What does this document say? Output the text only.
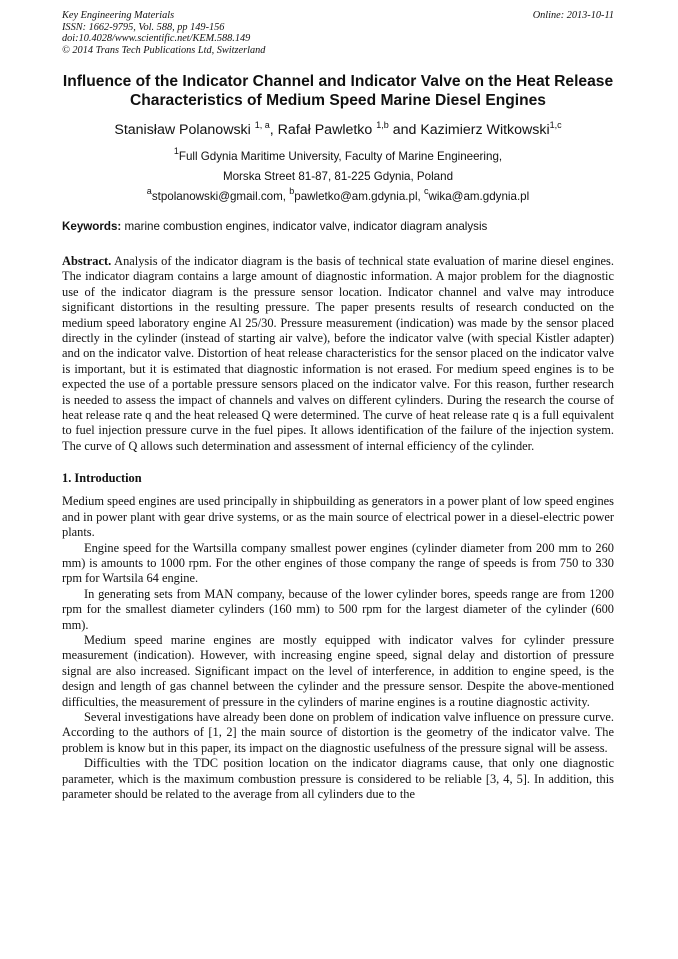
Key Engineering Materials
ISSN: 1662-9795, Vol. 588, pp 149-156
doi:10.4028/www.scientific.net/KEM.588.149
© 2014 Trans Tech Publications Ltd, Switzerland
Online: 2013-10-11
Influence of the Indicator Channel and Indicator Valve on the Heat Release Characteristics of Medium Speed Marine Diesel Engines
Stanisław Polanowski $^{1, a}$, Rafał Pawletko $^{1,b}$ and Kazimierz Witkowski$^{1,c}$
$^1$Full Gdynia Maritime University, Faculty of Marine Engineering,
Morska Street 81-87, 81-225 Gdynia, Poland
$^a$stpolanowski@gmail.com, $^b$pawletko@am.gdynia.pl, $^c$wika@am.gdynia.pl
Keywords: marine combustion engines, indicator valve, indicator diagram analysis
Abstract. Analysis of the indicator diagram is the basis of technical state evaluation of marine diesel engines. The indicator diagram contains a large amount of diagnostic information. A major problem for the diagnostic use of the indicator diagram is the pressure sensor location. Indicator channel and valve may introduce significant distortions in the resulting pressure. The paper presents results of research conducted on the medium speed laboratory engine Al 25/30. Pressure measurement (indication) was made by the sensor placed directly in the cylinder (instead of starting air valve), before the indicator valve (with special Kistler adapter) and on the indicator valve. Distortion of heat release characteristics for the sensor placed on the indicator valve is important, but it is estimated that diagnostic information is not erased. For medium speed engines is to be expected the use of a portable pressure sensors placed on the indicator valve. For this reason, further research is needed to assess the impact of channels and valves on different cylinders. During the research the course of heat release rate q and the heat released Q were determined. The curve of heat release rate q is a full equivalent to fuel injection pressure curve in the fuel pipes. It allows identification of the failure of the injection system. The curve of Q allows such determination and assessment of internal efficiency of the cylinder.
1. Introduction

Medium speed engines are used principally in shipbuilding as generators in a power plant of low speed engines and in power plant with gear drive systems, or as the main source of electrical power in a diesel-electric power plants.

Engine speed for the Wartsilla company smallest power engines (cylinder diameter from 200 mm to 260 mm) is amounts to 1000 rpm. For the other engines of those company the range of speeds is from 750 to 330 rpm for Wartsila 64 engine.

In generating sets from MAN company, because of the lower cylinder bores, speeds range are from 1200 rpm for the smallest diameter cylinders (160 mm) to 500 rpm for the largest diameter of the cylinder (600 mm).

Medium speed marine engines are mostly equipped with indicator valves for cylinder pressure measurement (indication). However, with increasing engine speed, signal delay and distortion of pressure signal are also increased. Significant impact on the level of interference, in addition to engine speed, is the design and length of gas channel between the cylinder and the pressure sensor. Despite the above-mentioned difficulties, the measurement of pressure in the cylinders of marine engines is a routine diagnostic activity.

Several investigations have already been done on problem of indication valve influence on pressure curve. According to the authors of [1, 2] the main source of distortion is the geometry of the indicator valve. The problem is know but in this paper, its impact on the diagnostic usefulness of the pressure signal will be assess.

Difficulties with the TDC position location on the indicator diagrams cause, that only one diagnostic parameter, which is the maximum combustion pressure is considered to be reliable [3, 4, 5]. In addition, this parameter should be related to the average from all cylinders due to the
